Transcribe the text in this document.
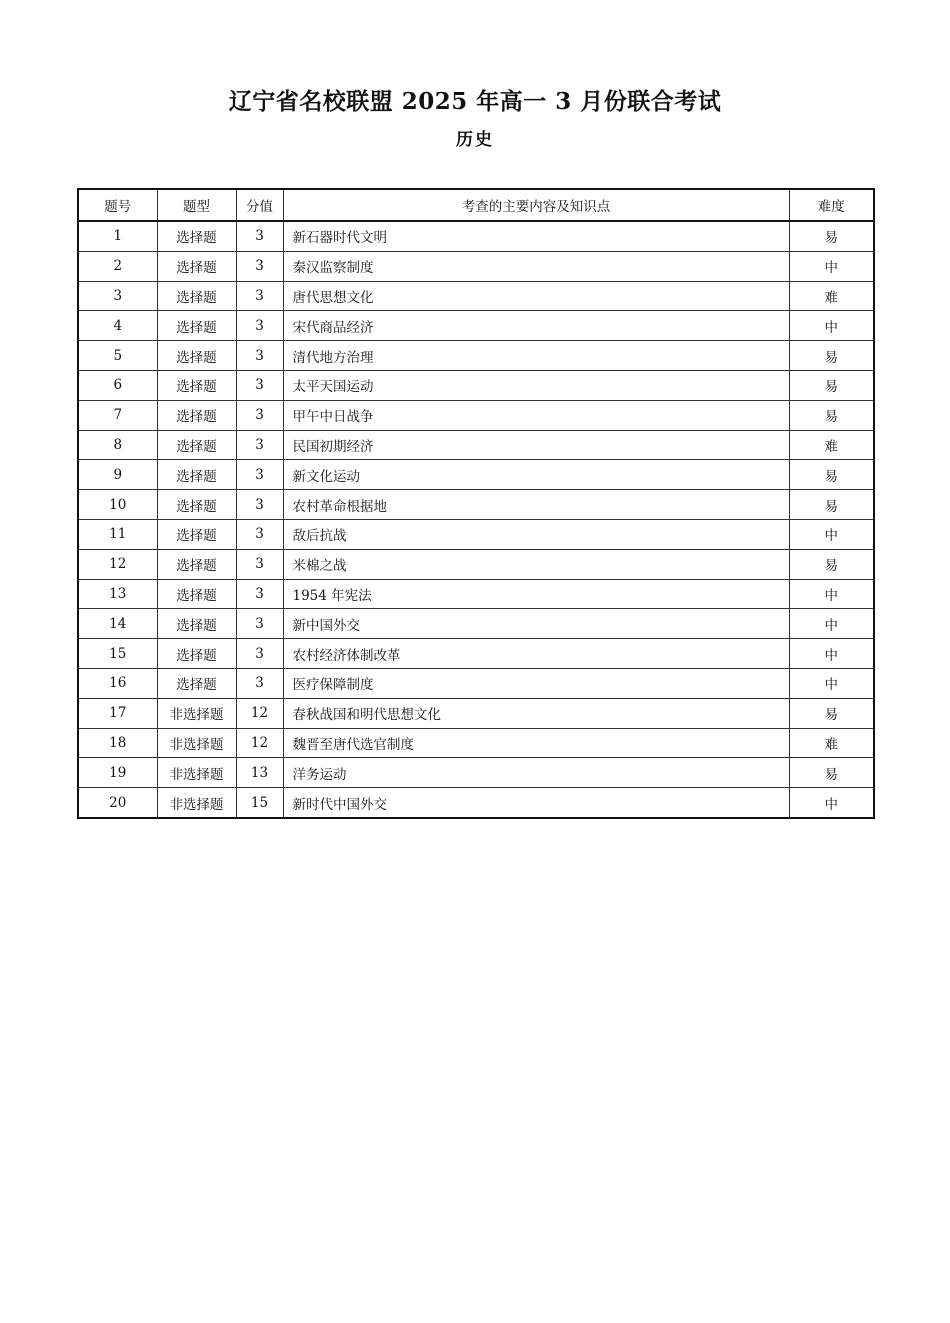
辽宁省名校联盟 2025 年高一 3 月份联合考试
历史
题号	题型	分值	考查的主要内容及知识点	难度
1	选择题	3	新石器时代文明	易
2	选择题	3	秦汉监察制度	中
3	选择题	3	唐代思想文化	难
4	选择题	3	宋代商品经济	中
5	选择题	3	清代地方治理	易
6	选择题	3	太平天国运动	易
7	选择题	3	甲午中日战争	易
8	选择题	3	民国初期经济	难
9	选择题	3	新文化运动	易
10	选择题	3	农村革命根据地	易
11	选择题	3	敌后抗战	中
12	选择题	3	米棉之战	易
13	选择题	3	1954 年宪法	中
14	选择题	3	新中国外交	中
15	选择题	3	农村经济体制改革	中
16	选择题	3	医疗保障制度	中
17	非选择题	12	春秋战国和明代思想文化	易
18	非选择题	12	魏晋至唐代选官制度	难
19	非选择题	13	洋务运动	易
20	非选择题	15	新时代中国外交	中
